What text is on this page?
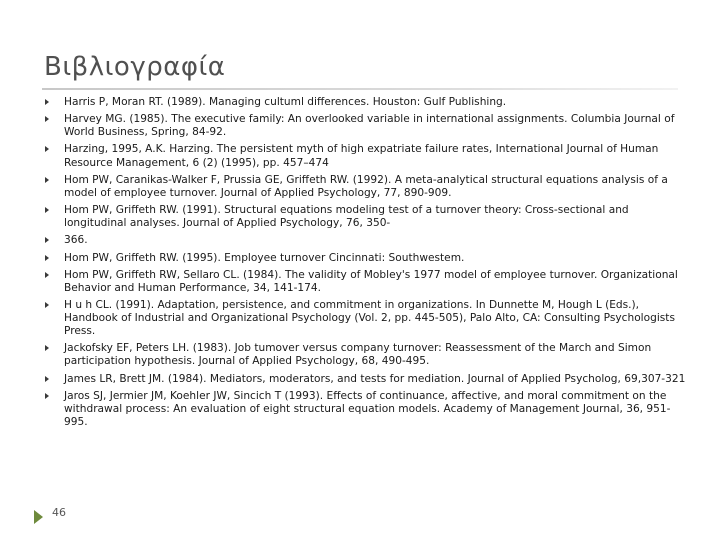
Βιβλιογραφία
Harris P, Moran RT. (1989). Managing cultuml differences. Houston: Gulf Publishing.
Harvey MG. (1985). The executive family: An overlooked variable in international assignments. Columbia Journal of World Business, Spring, 84-92.
Harzing, 1995, A.K. Harzing. The persistent myth of high expatriate failure rates, International Journal of Human Resource Management, 6 (2) (1995), pp. 457–474
Hom PW, Caranikas-Walker F, Prussia GE, Griffeth RW. (1992). A meta-analytical structural equations analysis of a model of employee turnover. Journal of Applied Psychology, 77, 890-909.
Hom PW, Griffeth RW. (1991). Structural equations modeling test of a turnover theory: Cross-sectional and longitudinal analyses. Journal of Applied Psychology, 76, 350-
366.
Hom PW, Griffeth RW. (1995). Employee turnover Cincinnati: Southwestem.
Hom PW, Griffeth RW, Sellaro CL. (1984). The validity of Mobley's 1977 model of employee turnover. Organizational Behavior and Human Performance, 34, 141-174.
H u h CL. (1991). Adaptation, persistence, and commitment in organizations. In Dunnette M, Hough L (Eds.), Handbook of Industrial and Organizational Psychology (Vol. 2, pp. 445-505), Palo Alto, CA: Consulting Psychologists Press.
Jackofsky EF, Peters LH. (1983). Job tumover versus company turnover: Reassessment of the March and Simon participation hypothesis. Journal of Applied Psychology, 68, 490-495.
James LR, Brett JM. (1984). Mediators, moderators, and tests for mediation. Journal of Applied Psycholog, 69,307-321
Jaros SJ, Jermier JM, Koehler JW, Sincich T (1993). Effects of continuance, affective, and moral commitment on the withdrawal process: An evaluation of eight structural equation models. Academy of Management Journal, 36, 951-995.
46
